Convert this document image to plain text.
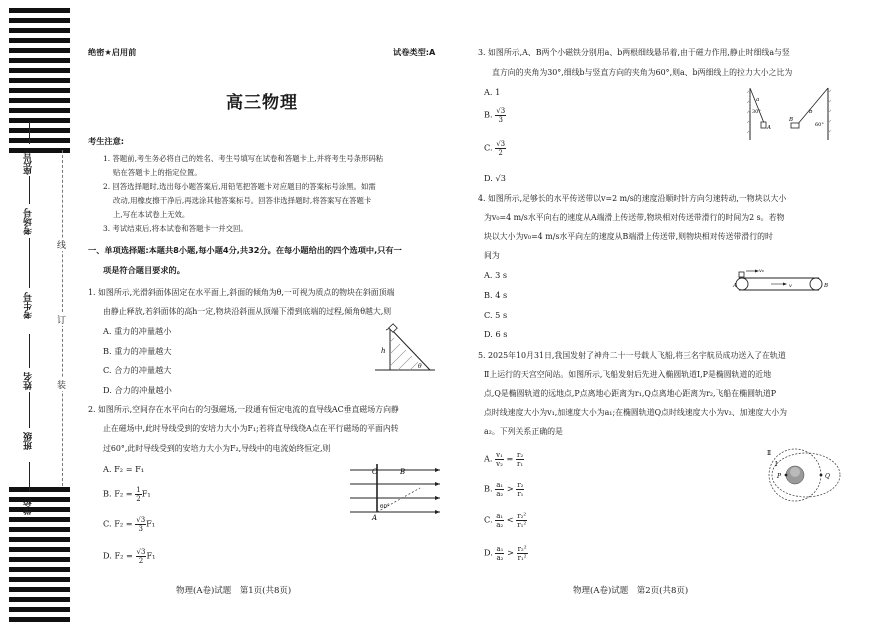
座位号
考场号
考生号
姓名
班级
学校
线
订
装
绝密★启用前	试卷类型:A
高三物理
考生注意:
1. 答题前,考生务必将自己的姓名、考生号填写在试卷和答题卡上,并将考生号条形码粘
贴在答题卡上的指定位置。
2. 回答选择题时,选出每小题答案后,用铅笔把答题卡对应题目的答案标号涂黑。如需
改动,用橡皮擦干净后,再选涂其他答案标号。回答非选择题时,将答案写在答题卡
上,写在本试卷上无效。
3. 考试结束后,将本试卷和答题卡一并交回。
一、单项选择题:本题共8小题,每小题4分,共32分。在每小题给出的四个选项中,只有一
项是符合题目要求的。
1. 如图所示,光滑斜面体固定在水平面上,斜面的倾角为θ,一可视为质点的物块在斜面顶端
由静止释放,若斜面体的高h一定,物块沿斜面从顶端下滑到底端的过程,倾角θ越大,则
A. 重力的冲量越小
B. 重力的冲量越大
C. 合力的冲量越大
D. 合力的冲量越小
h
θ
2. 如图所示,空间存在水平向右的匀强磁场,一段通有恒定电流的直导线AC垂直磁场方向静
止在磁场中,此时导线受到的安培力大小为F₁;若将直导线绕A点在平行磁场的平面内转
过60°,此时导线受到的安培力大小为F₂,导线中的电流始终恒定,则
A. F₂ = F₁
B. $F_2 = \frac{1}{2} F_1$
C. $F_2 = \frac{√3}{3} F_1$
D. $F_2 = \frac{√3}{2} F_1$
C	B
A
60°
物理(A卷)试题　第1页(共8页)
3. 如图所示,A、B两个小磁铁分别用a、b两根细线悬吊着,由于磁力作用,静止时细线a与竖
直方向的夹角为30°,细线b与竖直方向的夹角为60°,则a、b两细线上的拉力大小之比为
A. 1
B. $\frac{√3}{3}$
C. $\frac{√3}{2}$
D. √3
a
30°
A
b
60°
B
4. 如图所示,足够长的水平传送带以v=2 m/s的速度沿顺时针方向匀速转动,一物块以大小
为v₀=4 m/s水平向右的速度从A端滑上传送带,物块相对传送带滑行的时间为2 s。若物
块以大小为v₀=4 m/s水平向左的速度从B端滑上传送带,则物块相对传送带滑行的时
间为
A. 3 s
B. 4 s
C. 5 s
D. 6 s
v₀
v
A	B
5. 2025年10月31日,我国发射了神舟二十一号载人飞船,将三名宇航员成功送入了在轨道
Ⅱ上运行的天宫空间站。如图所示,飞船发射后先进入椭圆轨道Ⅰ,P是椭圆轨道的近地
点,Q是椭圆轨道的远地点,P点离地心距离为r₁,Q点离地心距离为r₂,飞船在椭圆轨道P
点时线速度大小为v₁,加速度大小为a₁;在椭圆轨道Q点时线速度大小为v₂、加速度大小为
a₂。下列关系正确的是
A. $\frac{\text{v₁}}{\text{v₂}} = \frac{\text{r₂}}{\text{r₁}}$
B. $\frac{\text{a₁}}{\text{a₂}} > \frac{\text{r₂}}{\text{r₁}}$
C. $\frac{\text{a₁}}{\text{a₂}} < \frac{\text{r₂²}}{\text{r₁²}}$
D. $\frac{\text{a₁}}{\text{a₂}} > \frac{\text{r₂²}}{\text{r₁²}}$
Ⅱ
Ⅰ
P	Q
物理(A卷)试题　第2页(共8页)
